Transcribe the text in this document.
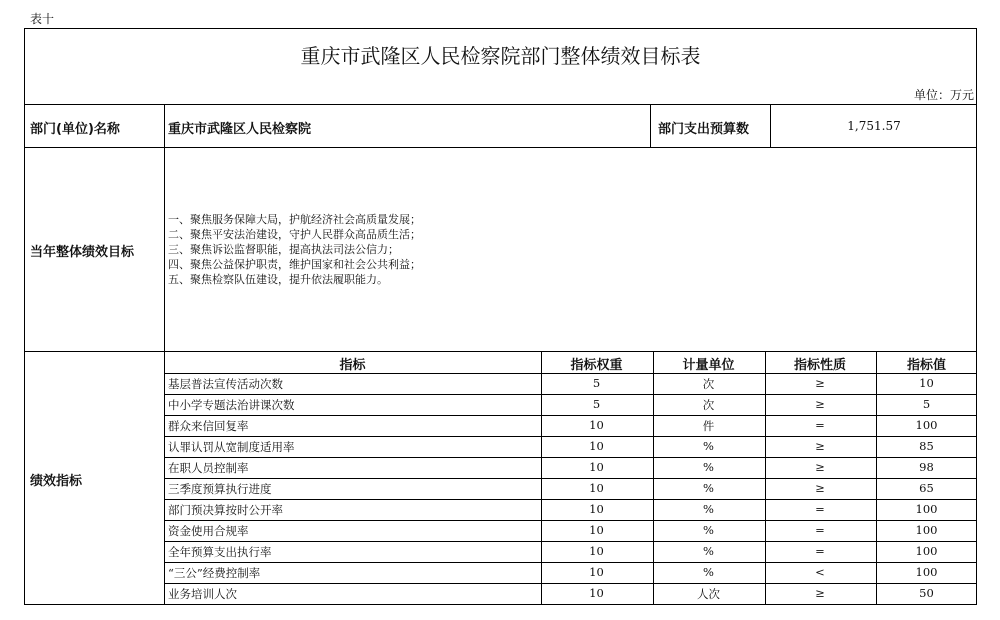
表十
重庆市武隆区人民检察院部门整体绩效目标表
单位：万元
部门(单位)名称	重庆市武隆区人民检察院	部门支出预算数	1,751.57
当年整体绩效目标
一、聚焦服务保障大局，护航经济社会高质量发展；
二、聚焦平安法治建设，守护人民群众高品质生活；
三、聚焦诉讼监督职能，提高执法司法公信力；
四、聚焦公益保护职责，维护国家和社会公共利益；
五、聚焦检察队伍建设，提升依法履职能力。
绩效指标
指标	指标权重	计量单位	指标性质	指标值
基层普法宣传活动次数	5	次	≥	10
中小学专题法治讲课次数	5	次	≥	5
群众来信回复率	10	件	=	100
认罪认罚从宽制度适用率	10	%	≥	85
在职人员控制率	10	%	≥	98
三季度预算执行进度	10	%	≥	65
部门预决算按时公开率	10	%	=	100
资金使用合规率	10	%	=	100
全年预算支出执行率	10	%	=	100
“三公”经费控制率	10	%	<	100
业务培训人次	10	人次	≥	50
